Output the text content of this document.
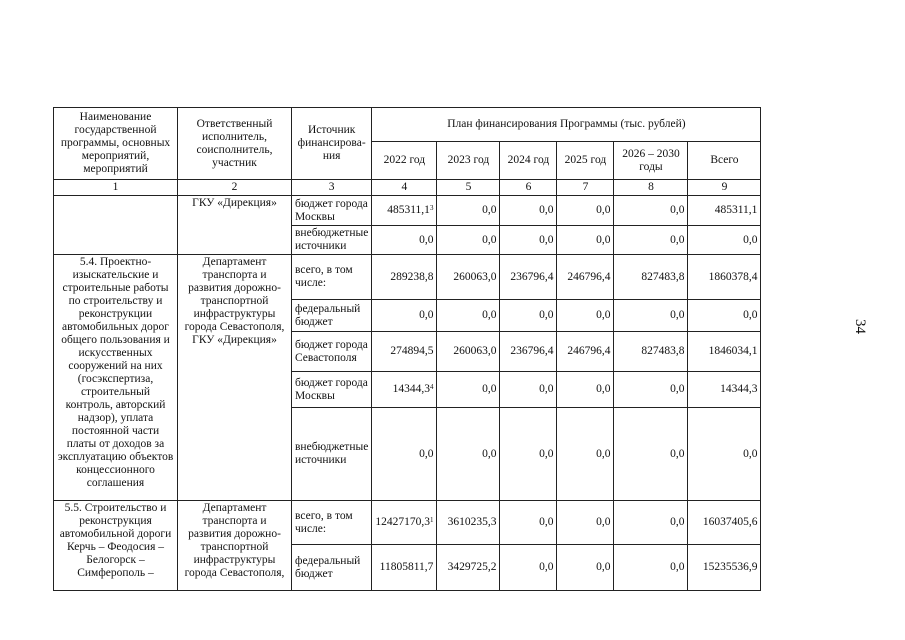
34
Наименование государственной программы, основных мероприятий, мероприятий	Ответственный исполнитель, соисполнитель, участник	Источник финансирова-ния	План финансирования Программы (тыс. рублей)					
			2022 год	2023 год	2024 год	2025 год	2026 – 2030 годы	Всего
1	2	3	4	5	6	7	8	9
	ГКУ «Дирекция»	бюджет города Москвы	485311,1$^3$	0,0	0,0	0,0	0,0	485311,1
		внебюджетные источники	0,0	0,0	0,0	0,0	0,0	0,0
5.4. Проектно-изыскательские и строительные работы по строительству и реконструкции автомобильных дорог общего пользования и искусственных сооружений на них (госэкспертиза, строительный контроль, авторский надзор), уплата постоянной части платы от доходов за эксплуатацию объектов концессионного соглашения	Департамент транспорта и развития дорожно-транспортной инфраструктуры города Севастополя, ГКУ «Дирекция»	всего, в том числе:	289238,8	260063,0	236796,4	246796,4	827483,8	1860378,4
		федеральный бюджет	0,0	0,0	0,0	0,0	0,0	0,0
		бюджет города Севастополя	274894,5	260063,0	236796,4	246796,4	827483,8	1846034,1
		бюджет города Москвы	14344,3$^4$	0,0	0,0	0,0	0,0	14344,3
		внебюджетные источники	0,0	0,0	0,0	0,0	0,0	0,0
5.5. Строительство и реконструкция автомобильной дороги Керчь – Феодосия – Белогорск – Симферополь –	Департамент транспорта и развития дорожно-транспортной инфраструктуры города Севастополя,	всего, в том числе:	12427170,3$^1$	3610235,3	0,0	0,0	0,0	16037405,6
		федеральный бюджет	11805811,7	3429725,2	0,0	0,0	0,0	15235536,9
